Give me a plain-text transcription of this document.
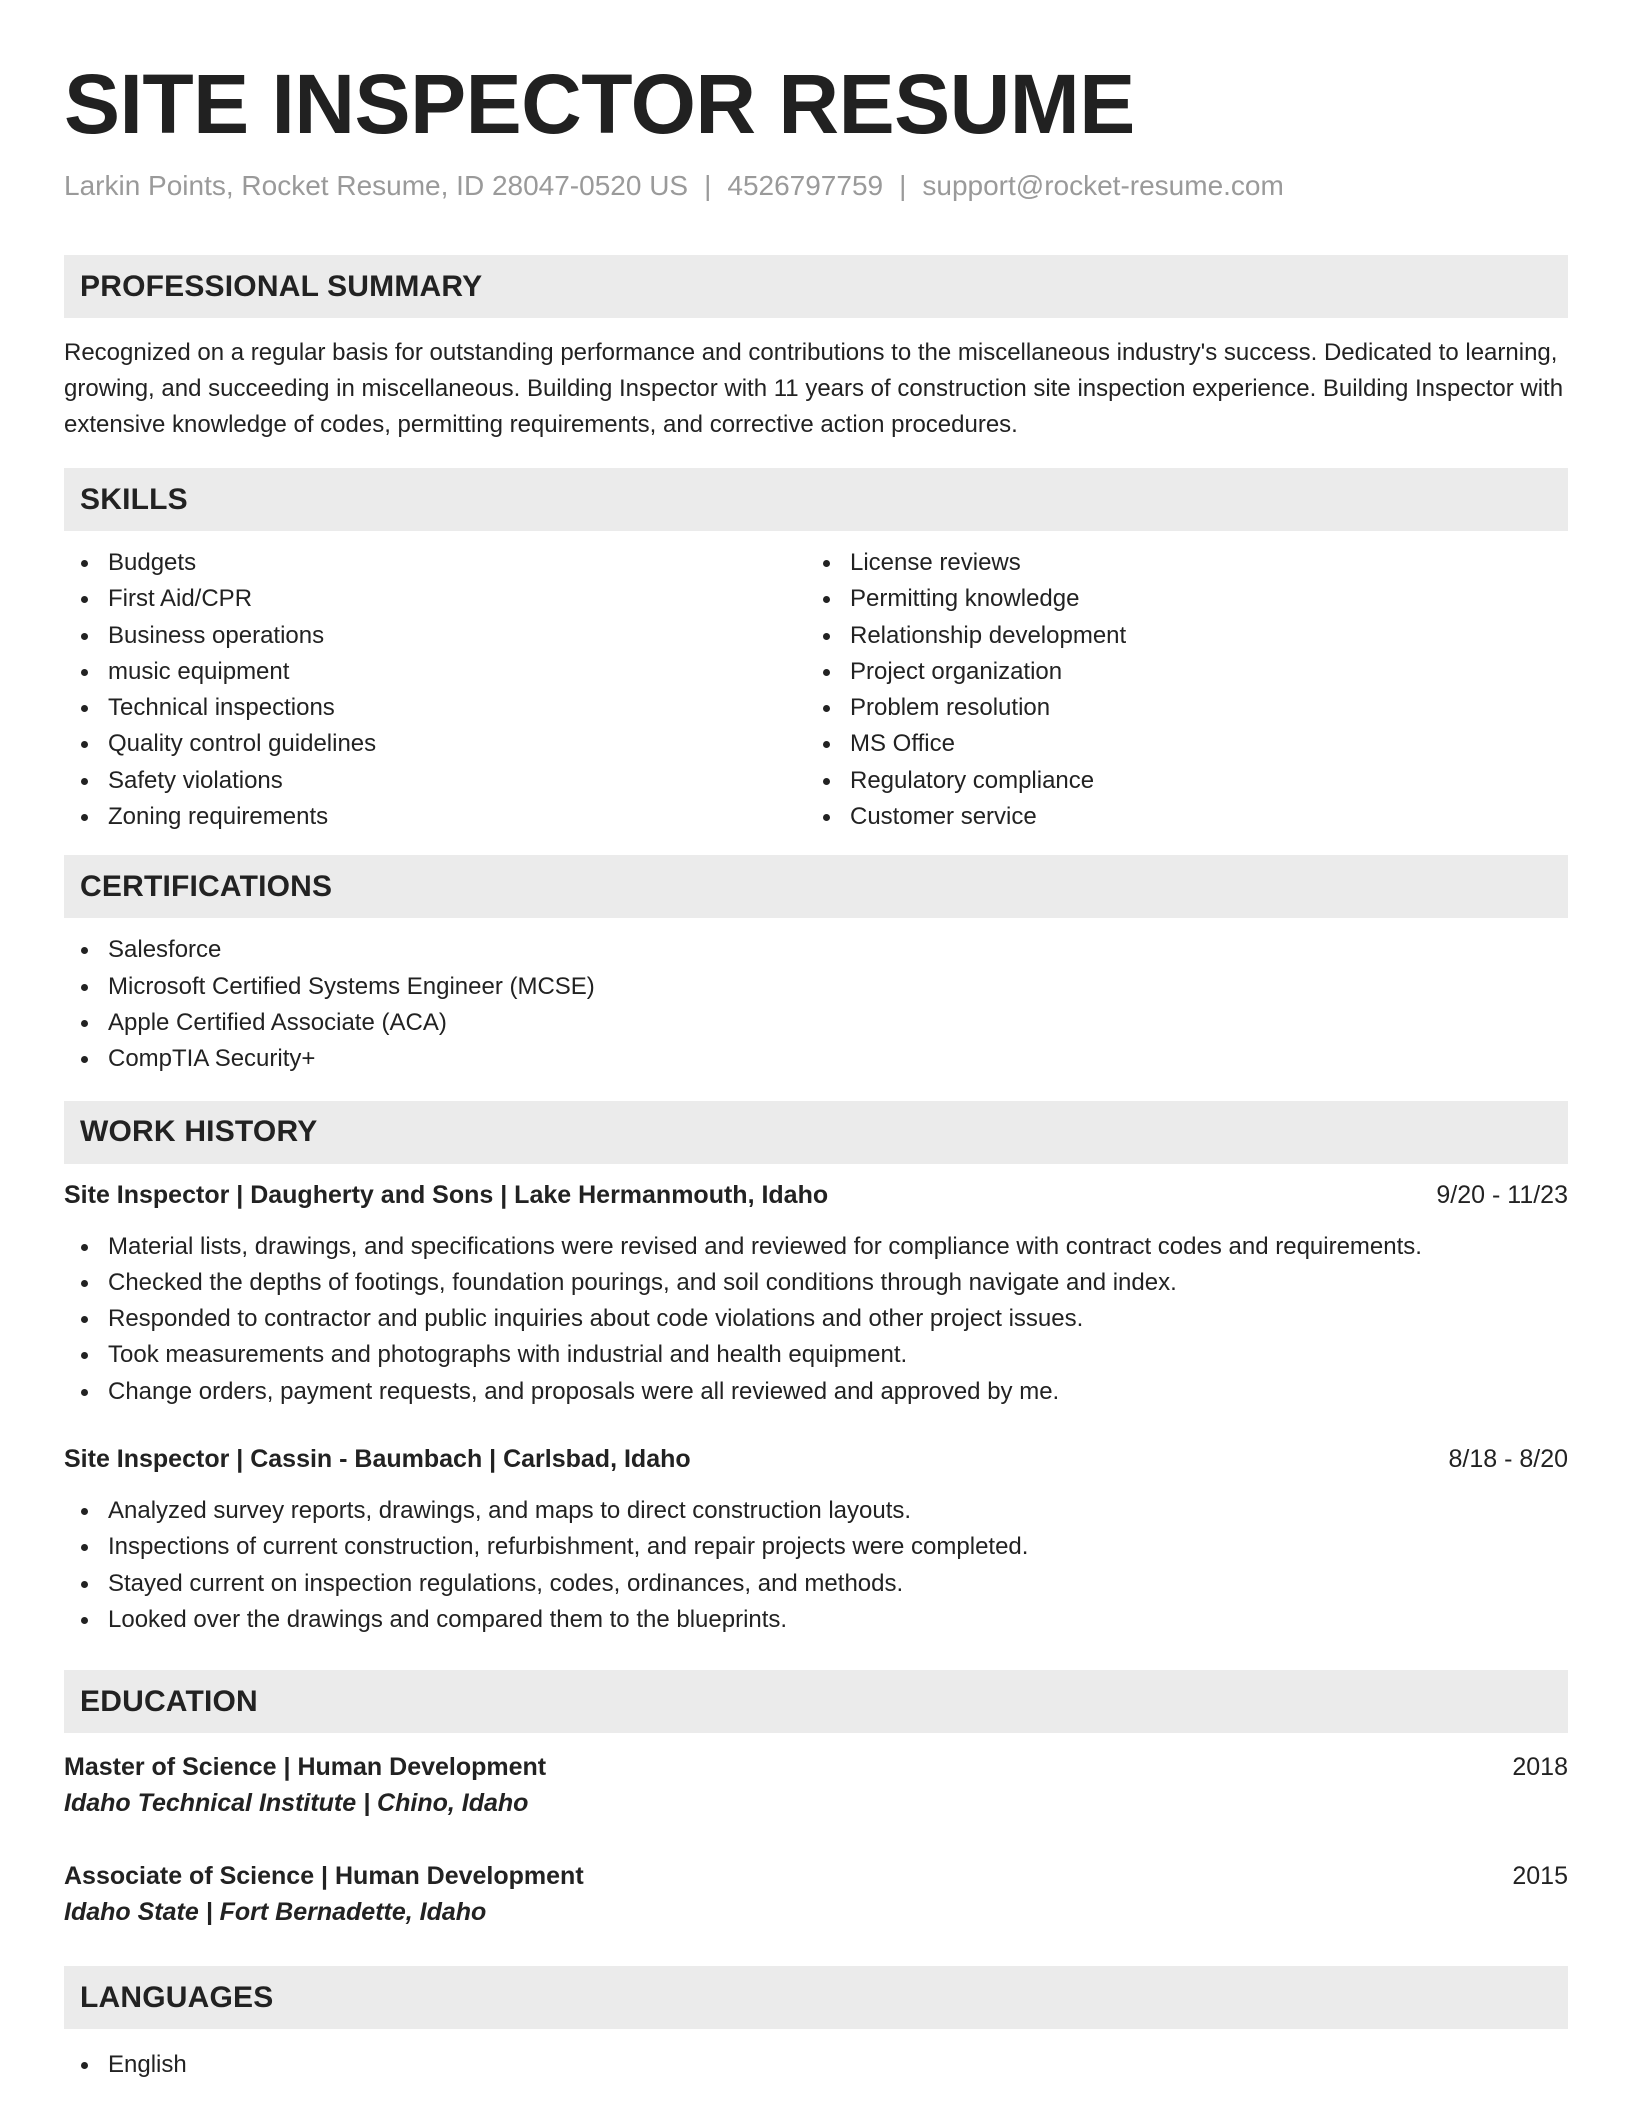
SITE INSPECTOR RESUME
Larkin Points, Rocket Resume, ID 28047-0520 US | 4526797759 | support@rocket-resume.com
PROFESSIONAL SUMMARY

Recognized on a regular basis for outstanding performance and contributions to the miscellaneous industry's success. Dedicated to learning, growing, and succeeding in miscellaneous. Building Inspector with 11 years of construction site inspection experience. Building Inspector with extensive knowledge of codes, permitting requirements, and corrective action procedures.

SKILLS
Budgets
First Aid/CPR
Business operations
music equipment
Technical inspections
Quality control guidelines
Safety violations
Zoning requirements
License reviews
Permitting knowledge
Relationship development
Project organization
Problem resolution
MS Office
Regulatory compliance
Customer service
CERTIFICATIONS
Salesforce
Microsoft Certified Systems Engineer (MCSE)
Apple Certified Associate (ACA)
CompTIA Security+
WORK HISTORY
Site Inspector | Daugherty and Sons | Lake Hermanmouth, Idaho	9/20 - 11/23
Material lists, drawings, and specifications were revised and reviewed for compliance with contract codes and requirements.
Checked the depths of footings, foundation pourings, and soil conditions through navigate and index.
Responded to contractor and public inquiries about code violations and other project issues.
Took measurements and photographs with industrial and health equipment.
Change orders, payment requests, and proposals were all reviewed and approved by me.
Site Inspector | Cassin - Baumbach | Carlsbad, Idaho	8/18 - 8/20
Analyzed survey reports, drawings, and maps to direct construction layouts.
Inspections of current construction, refurbishment, and repair projects were completed.
Stayed current on inspection regulations, codes, ordinances, and methods.
Looked over the drawings and compared them to the blueprints.
EDUCATION
Master of Science | Human Development	2018
Idaho Technical Institute | Chino, Idaho
Associate of Science | Human Development	2015
Idaho State | Fort Bernadette, Idaho
LANGUAGES
English
